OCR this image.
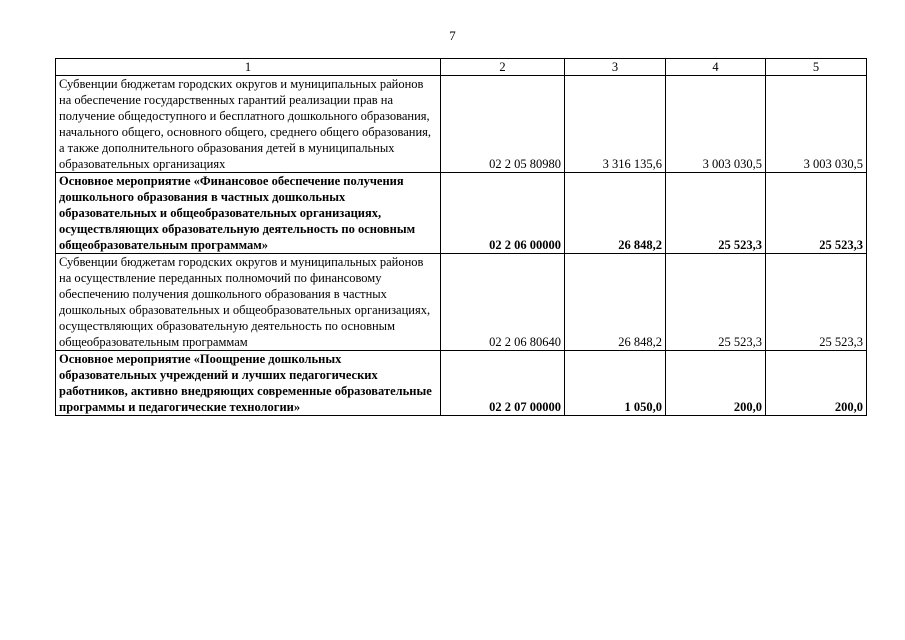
7
1	2	3	4	5
Субвенции бюджетам городских округов и муниципальных районов на обеспечение государственных гарантий реализации прав на получение общедоступного и бесплатного дошкольного образования, начального общего, основного общего, среднего общего образования, а также дополнительного образования детей в муниципальных образовательных организациях	02 2 05 80980	3 316 135,6	3 003 030,5	3 003 030,5
Основное мероприятие «Финансовое обеспечение получения дошкольного образования в частных дошкольных образовательных и общеобразовательных организациях, осуществляющих образовательную деятельность по основным общеобразовательным программам»	02 2 06 00000	26 848,2	25 523,3	25 523,3
Субвенции бюджетам городских округов и муниципальных районов на осуществление переданных полномочий по финансовому обеспечению получения дошкольного образования в частных дошкольных образовательных и общеобразовательных организациях, осуществляющих образовательную деятельность по основным общеобразовательным программам	02 2 06 80640	26 848,2	25 523,3	25 523,3
Основное мероприятие «Поощрение дошкольных образовательных учреждений и лучших педагогических работников, активно внедряющих современные образовательные программы и педагогические технологии»	02 2 07 00000	1 050,0	200,0	200,0
